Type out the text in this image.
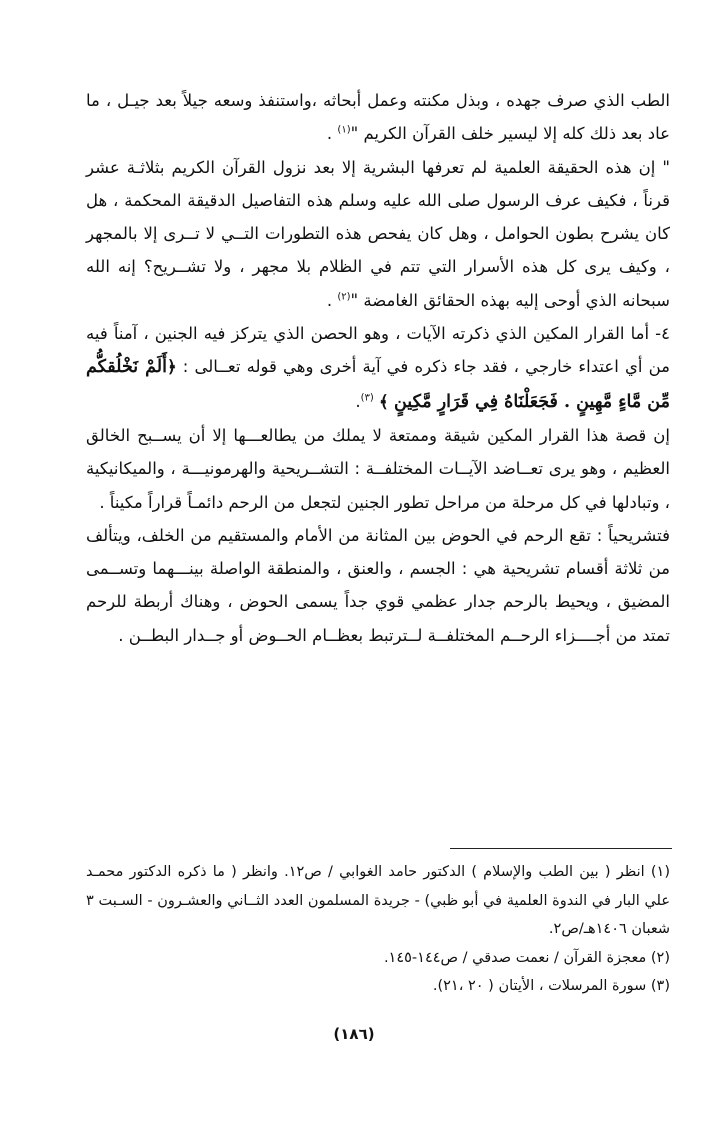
الطب الذي صرف جهده ، وبذل مكنته وعمل أبحاثه ،واستنفذ وسعه جيلاً بعد جيـل ، ما عاد بعد ذلك كله إلا ليسير خلف القرآن الكريم "$^{(١)}$ .

" إن هذه الحقيقة العلمية لم تعرفها البشرية إلا بعد نزول القرآن الكريم بثلاثـة عشر قرناً ، فكيف عرف الرسول صلى الله عليه وسلم هذه التفاصيل الدقيقة المحكمة ، هل كان يشرح بطون الحوامل ، وهل كان يفحص هذه التطورات التــي لا تــرى إلا بالمجهر ، وكيف يرى كل هذه الأسرار التي تتم في الظلام بلا مجهر ، ولا تشــريح؟ إنه الله سبحانه الذي أوحى إليه بهذه الحقائق الغامضة "$^{(٢)}$ .

٤- أما القرار المكين الذي ذكرته الآيات ، وهو الحصن الذي يتركز فيه الجنين ، آمناً فيه من أي اعتداء خارجي ، فقد جاء ذكره في آية أخرى وهي قوله تعــالى : ﴿أَلَمْ نَخْلُقكُّم مِّن مَّاءٍ مَّهِينٍ . فَجَعَلْنَاهُ فِي قَرَارٍ مَّكِينٍ ﴾ $^{(٣)}$.

إن قصة هذا القرار المكين شيقة وممتعة لا يملك من يطالعـــها إلا أن يســبح الخالق العظيم ، وهو يرى تعــاضد الآيــات المختلفــة : التشــريحية والهرمونيـــة ، والميكانيكية ، وتبادلها في كل مرحلة من مراحل تطور الجنين لتجعل من الرحم دائمـاً قراراً مكيناً .

فتشريحياً : تقع الرحم في الحوض بين المثانة من الأمام والمستقيم من الخلف، ويتألف من ثلاثة أقسام تشريحية هي : الجسم ، والعنق ، والمنطقة الواصلة بينـــهما وتســمى المضيق ، ويحيط بالرحم جدار عظمي قوي جداً يسمى الحوض ، وهناك أربطة للرحم تمتد من أجــــزاء الرحــم المختلفــة لــترتبط بعظــام الحــوض أو جــدار البطــن .

(١) انظر ( بين الطب والإسلام ) الدكتور حامد الغوابي / ص١٢. وانظر ( ما ذكره الدكتور محمـد علي البار في الندوة العلمية في أبو ظبي) - جريدة المسلمون العدد الثــاني والعشـرون - السـبت ٣ شعبان ١٤٠٦هـ/ص٢.

(٢) معجزة القرآن / نعمت صدقي / ص١٤٤-١٤٥.

(٣) سورة المرسلات ، الأيتان ( ٢٠ ،٢١).

(١٨٦)
